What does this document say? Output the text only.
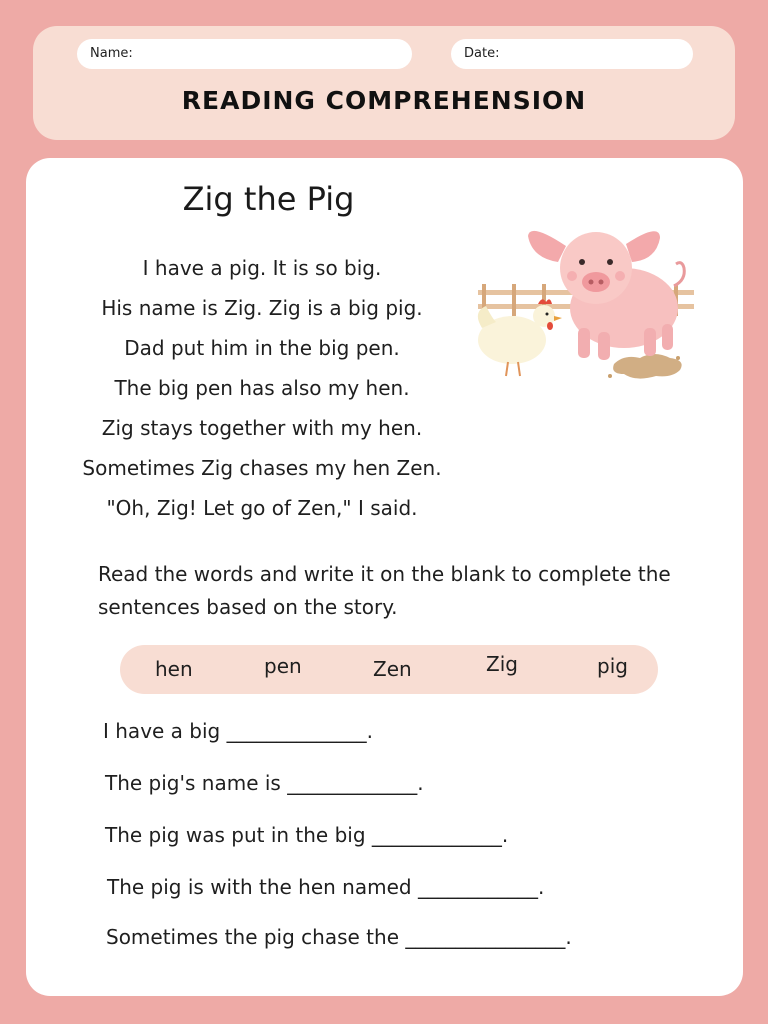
Name:	Date:
READING COMPREHENSION
Zig the Pig
I have a pig. It is so big.
His name is Zig. Zig is a big pig.
Dad put him in the big pen.
The big pen has also my hen.
Zig stays together with my hen.
Sometimes Zig chases my hen Zen.
"Oh, Zig! Let go of Zen," I said.
Read the words and write it on the blank to complete the sentences based on the story.
hen	pen	Zen	Zig	pig
I have a big ______________.
The pig's name is _____________.
The pig was put in the big _____________.
The pig is with the hen named ____________.
Sometimes the pig chase the ________________.
